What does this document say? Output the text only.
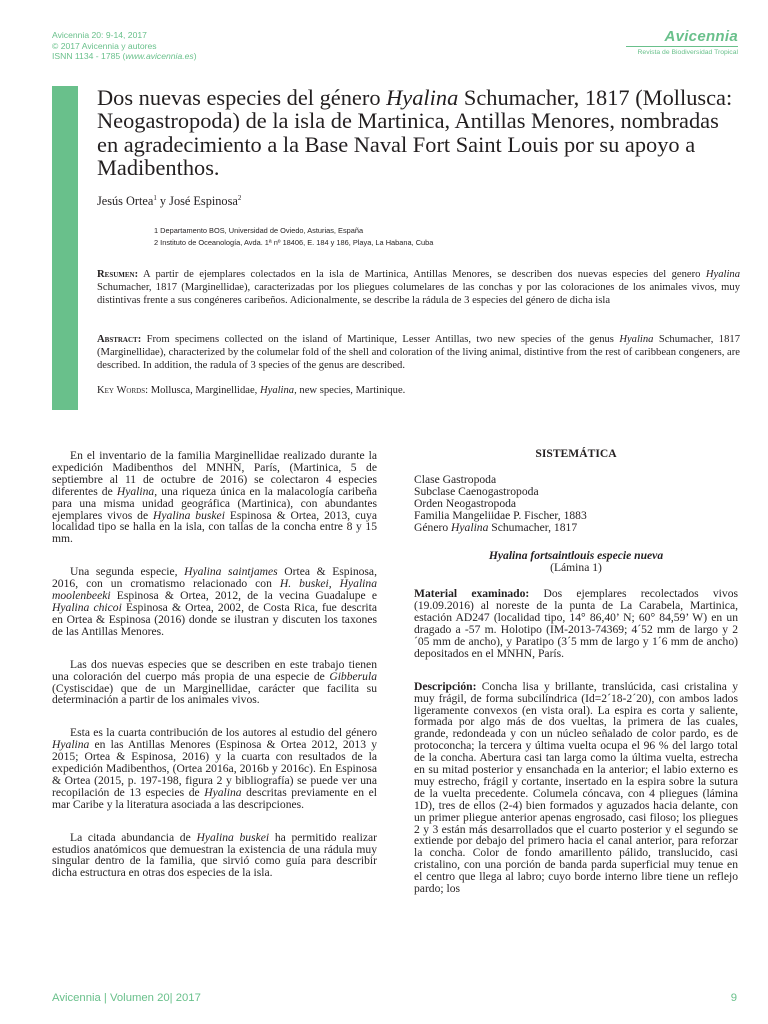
Avicennia 20: 9-14, 2017
© 2017 Avicennia y autores
ISNN 1134 - 1785 (www.avicennia.es)
Avicennia
Revista de Biodiversidad Tropical
Dos nuevas especies del género Hyalina Schumacher, 1817 (Mollusca: Neogastropoda) de la isla de Martinica, Antillas Menores, nombradas en agradecimiento a la Base Naval Fort Saint Louis por su apoyo a Madibenthos.
Jesús Ortea$^1$ y José Espinosa$^2$
1 Departamento BOS, Universidad de Oviedo, Asturias, España
2 Instituto de Oceanología, Avda. 1ª nº 18406, E. 184 y 186, Playa, La Habana, Cuba
Resumen: A partir de ejemplares colectados en la isla de Martinica, Antillas Menores, se describen dos nuevas especies del genero Hyalina Schumacher, 1817 (Marginellidae), caracterizadas por los pliegues columelares de las conchas y por las coloraciones de los animales vivos, muy distintivas frente a sus congéneres caribeños. Adicionalmente, se describe la rádula de 3 especies del género de dicha isla
Abstract: From specimens collected on the island of Martinique, Lesser Antillas, two new species of the genus Hyalina Schumacher, 1817 (Marginellidae), characterized by the columelar fold of the shell and coloration of the living animal, distintive from the rest of caribbean congeners, are described. In addition, the radula of 3 species of the genus are described.
Key Words: Mollusca, Marginellidae, Hyalina, new species, Martinique.

En el inventario de la familia Marginellidae realizado durante la expedición Madibenthos del MNHN, París, (Martinica, 5 de septiembre al 11 de octubre de 2016) se colectaron 4 especies diferentes de Hyalina, una riqueza única en la malacología caribeña para una misma unidad geográfica (Martinica), con abundantes ejemplares vivos de Hyalina buskei Espinosa & Ortea, 2013, cuya localidad tipo se halla en la isla, con tallas de la concha entre 8 y 15 mm.

Una segunda especie, Hyalina saintjames Ortea & Espinosa, 2016, con un cromatismo relacionado con H. buskei, Hyalina moolenbeeki Espinosa & Ortea, 2012, de la vecina Guadalupe e Hyalina chicoi Espinosa & Ortea, 2002, de Costa Rica, fue descrita en Ortea & Espinosa (2016) donde se ilustran y discuten los taxones de las Antillas Menores.

Las dos nuevas especies que se describen en este trabajo tienen una coloración del cuerpo más propia de una especie de Gibberula (Cystiscidae) que de un Marginellidae, carácter que facilita su determinación a partir de los animales vivos.

Esta es la cuarta contribución de los autores al estudio del género Hyalina en las Antillas Menores (Espinosa & Ortea 2012, 2013 y 2015; Ortea & Espinosa, 2016) y la cuarta con resultados de la expedición Madibenthos, (Ortea 2016a, 2016b y 2016c). En Espinosa & Ortea (2015, p. 197-198, figura 2 y bibliografía) se puede ver una recopilación de 13 especies de Hyalina descritas previamente en el mar Caribe y la literatura asociada a las descripciones.

La citada abundancia de Hyalina buskei ha permitido realizar estudios anatómicos que demuestran la existencia de una rádula muy singular dentro de la familia, que sirvió como guía para describir dicha estructura en otras dos especies de la isla.

SISTEMÁTICA
Clase Gastropoda
Subclase Caenogastropoda
Orden Neogastropoda
Familia Mangeliidae P. Fischer, 1883
Género Hyalina Schumacher, 1817
Hyalina fortsaintlouis especie nueva
(Lámina 1)

Material examinado: Dos ejemplares recolectados vivos (19.09.2016) al noreste de la punta de La Carabela, Martinica, estación AD247 (localidad tipo, 14° 86,40’ N; 60° 84,59’ W) en un dragado a -57 m. Holotipo (IM-2013-74369; 4´52 mm de largo y 2´05 mm de ancho), y Paratipo (3´5 mm de largo y 1´6 mm de ancho) depositados en el MNHN, París.

Descripción: Concha lisa y brillante, translúcida, casi cristalina y muy frágil, de forma subcilíndrica (Id=2´18-2´20), con ambos lados ligeramente convexos (en vista oral). La espira es corta y saliente, formada por algo más de dos vueltas, la primera de las cuales, grande, redondeada y con un núcleo señalado de color pardo, es de protoconcha; la tercera y última vuelta ocupa el 96 % del largo total de la concha. Abertura casi tan larga como la última vuelta, estrecha en su mitad posterior y ensanchada en la anterior; el labio externo es muy estrecho, frágil y cortante, insertado en la espira sobre la sutura de la vuelta precedente. Columela cóncava, con 4 pliegues (lámina 1D), tres de ellos (2-4) bien formados y aguzados hacia delante, con un primer pliegue anterior apenas engrosado, casi filoso; los pliegues 2 y 3 están más desarrollados que el cuarto posterior y el segundo se extiende por debajo del primero hacia el canal anterior, para reforzar la concha. Color de fondo amarillento pálido, translucido, casi cristalino, con una porción de banda parda superficial muy tenue en el centro que llega al labro; cuyo borde interno libre tiene un reflejo pardo; los

Avicennia | Volumen 20| 2017	9
